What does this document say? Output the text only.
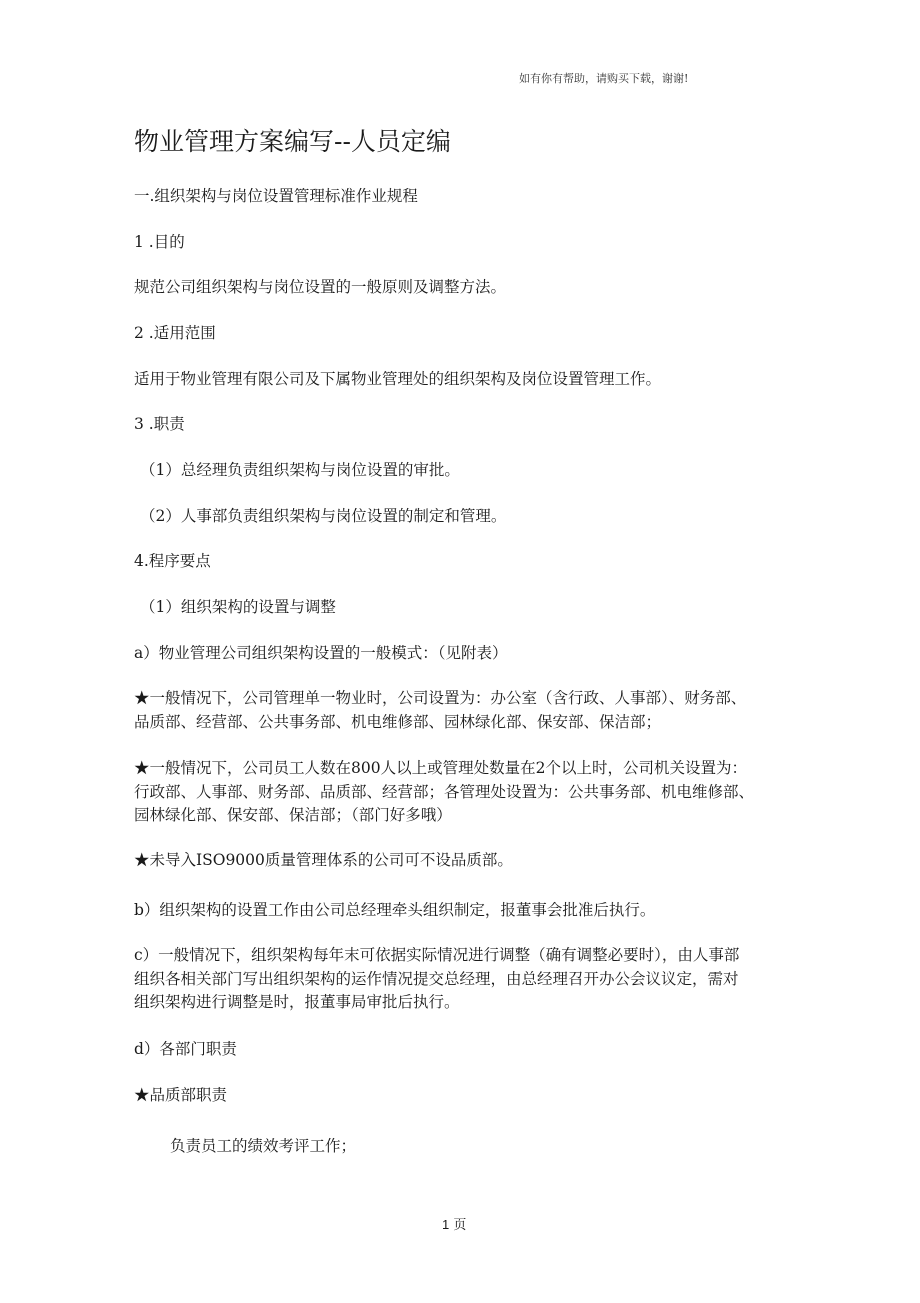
如有你有帮助，请购买下载，谢谢!
物业管理方案编写--人员定编
一.组织架构与岗位设置管理标准作业规程
1 .目的
规范公司组织架构与岗位设置的一般原则及调整方法。
2 .适用范围
适用于物业管理有限公司及下属物业管理处的组织架构及岗位设置管理工作。
3 .职责
（1）总经理负责组织架构与岗位设置的审批。
（2）人事部负责组织架构与岗位设置的制定和管理。
4.程序要点
（1）组织架构的设置与调整
a）物业管理公司组织架构设置的一般模式：（见附表）
★一般情况下，公司管理单一物业时，公司设置为：办公室（含行政、人事部）、财务部、
品质部、经营部、公共事务部、机电维修部、园林绿化部、保安部、保洁部；
★一般情况下，公司员工人数在800人以上或管理处数量在2个以上时，公司机关设置为：
行政部、人事部、财务部、品质部、经营部；各管理处设置为：公共事务部、机电维修部、
园林绿化部、保安部、保洁部；（部门好多哦）
★未导入ISO9000质量管理体系的公司可不设品质部。
b）组织架构的设置工作由公司总经理牵头组织制定，报董事会批准后执行。
c）一般情况下，组织架构每年末可依据实际情况进行调整（确有调整必要时），由人事部
组织各相关部门写出组织架构的运作情况提交总经理，由总经理召开办公会议议定，需对
组织架构进行调整是时，报董事局审批后执行。
d）各部门职责
★品质部职责
负责员工的绩效考评工作；
1 页
